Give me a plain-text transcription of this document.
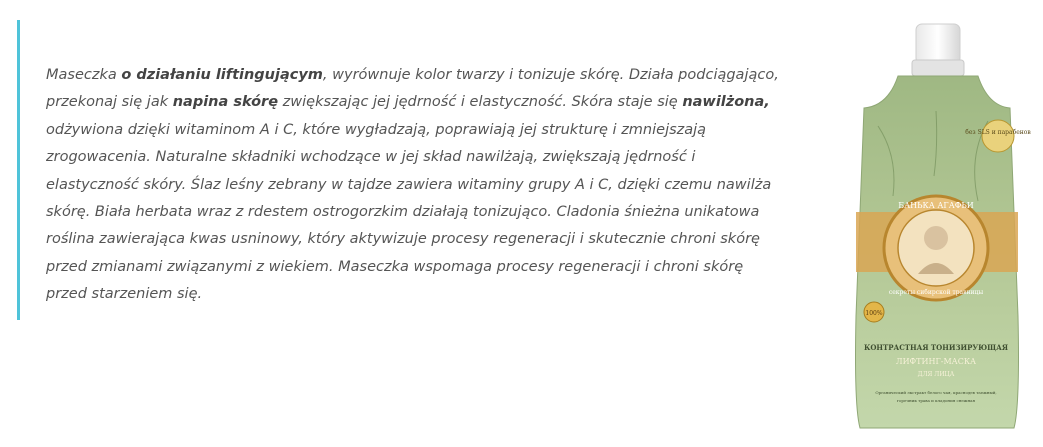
Maseczka o działaniu liftingującym, wyrównuje kolor twarzy i tonizuje skórę. Działa podciągająco, przekonaj się jak napina skórę zwiększając jej jędrność i elastyczność. Skóra staje się nawilżona, odżywiona dzięki witaminom A i C, które wygładzają, poprawiają jej strukturę i zmniejszają zrogowacenia. Naturalne składniki wchodzące w jej skład nawilżają, zwiększają jędrność i elastyczność skóry. Ślaz leśny zebrany w tajdze zawiera witaminy grupy A i C, dzięki czemu nawilża skórę. Biała herbata wraz z rdestem ostrogorzkim działają tonizująco. Cladonia śnieżna unikatowa roślina zawierająca kwas usninowy, który aktywizuje procesy regeneracji i skutecznie chroni skórę przed zmianami związanymi z wiekiem. Maseczka wspomaga procesy regeneracji i chroni skórę przed starzeniem się.

без SLS и парабенов
БАНЬКА АГАФЬИ
секреты сибирской травницы
100%
КОНТРАСТНАЯ ТОНИЗИРУЮЩАЯ
ЛИФТИНГ-МАСКА
ДЛЯ ЛИЦА
Органический экстракт белого чая, краснодев таежный,
горечник трава и кладония снежная
